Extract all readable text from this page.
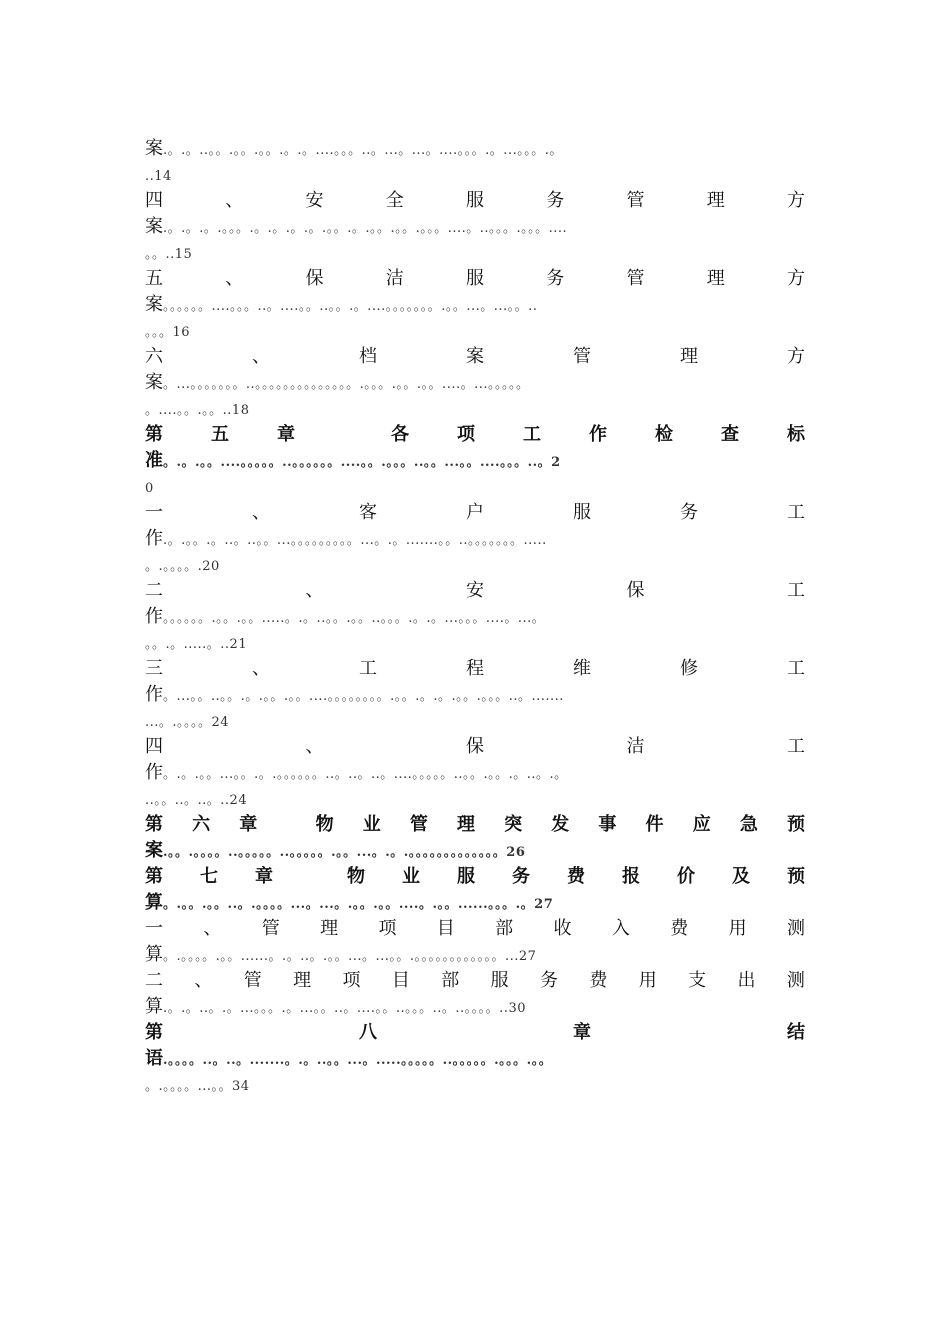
案.。.。..。。.。。.。。.。.。....。。。..。...。...。....。。。.。...。。。.。
..14
四	、	安	全	服	务	管	理	方
案.。.。.。.。。。.。.。.。.。.。。.。.。。.。。.。。。....。..。。。.。。。....
。。..15
五	、	保	洁	服	务	管	理	方
案。。。。。。....。。。..。....。。..。。.。....。。。。。。。.。。...。...。。..
。。。16
六	、	档	案	管	理	方
案。...。。。。。。。..。。。。。。。。。。。。。。.。。。.。。.。。....。...。。。。。
。....。。.。。..18
第	五	章	各	项	工	作	检	查	标
准。.。.。。....。。。。。..。。。。。。....。。.。。。..。。...。。....。。。..。2
0
一	、	客	户	服	务	工
作.。.。。.。..。..。。...。。。。。。。。。...。.。.......。。..。。。。。。。.....
。.。。。。.20
二	、	安	保	工
作。。。。。。.。。.。。.....。.。..。。.。。..。。。.。.。...。。。....。...。
。。.。.....。..21
三	、	工	程	维	修	工
作。...。。..。。.。.。。.。。....。。。。。。。。.。。.。.。.。。.。。。..。.......
...。.。。。。24
四	、	保	洁	工
作。.。.。。...。。.。.。。。。。。..。..。..。....。。。。。..。。.。。.。..。.。
..。。..。..。..24
第 六 章	物 业 管 理 突 发 事 件 应 急 预
案.。。.。。。。..。。。。。..。。。。。.。。...。.。.。。。。。。。。。。。。。26
第 七 章	物 业 服 务 费 报 价 及 预
算。.。。.。。..。.。。。。...。...。.。。.。。....。.。。......。。。.。27
一 、 管 理 项 目 部 收 入 费 用 测
算。.。。。。.。。......。.。..。.。。...。...。。.。。。。。。。。。。。。...27
二 、 管 理 项 目 部 服 务 费 用 支 出 测
算.。.。..。.。...。。。.。...。。..。....。。..。。。..。..。。。。..30
第	八	章	结
语.。。。。..。..。.......。.。..。。...。.....。。。。。..。。。。。.。。。.。。
。.。。。。...。。34
